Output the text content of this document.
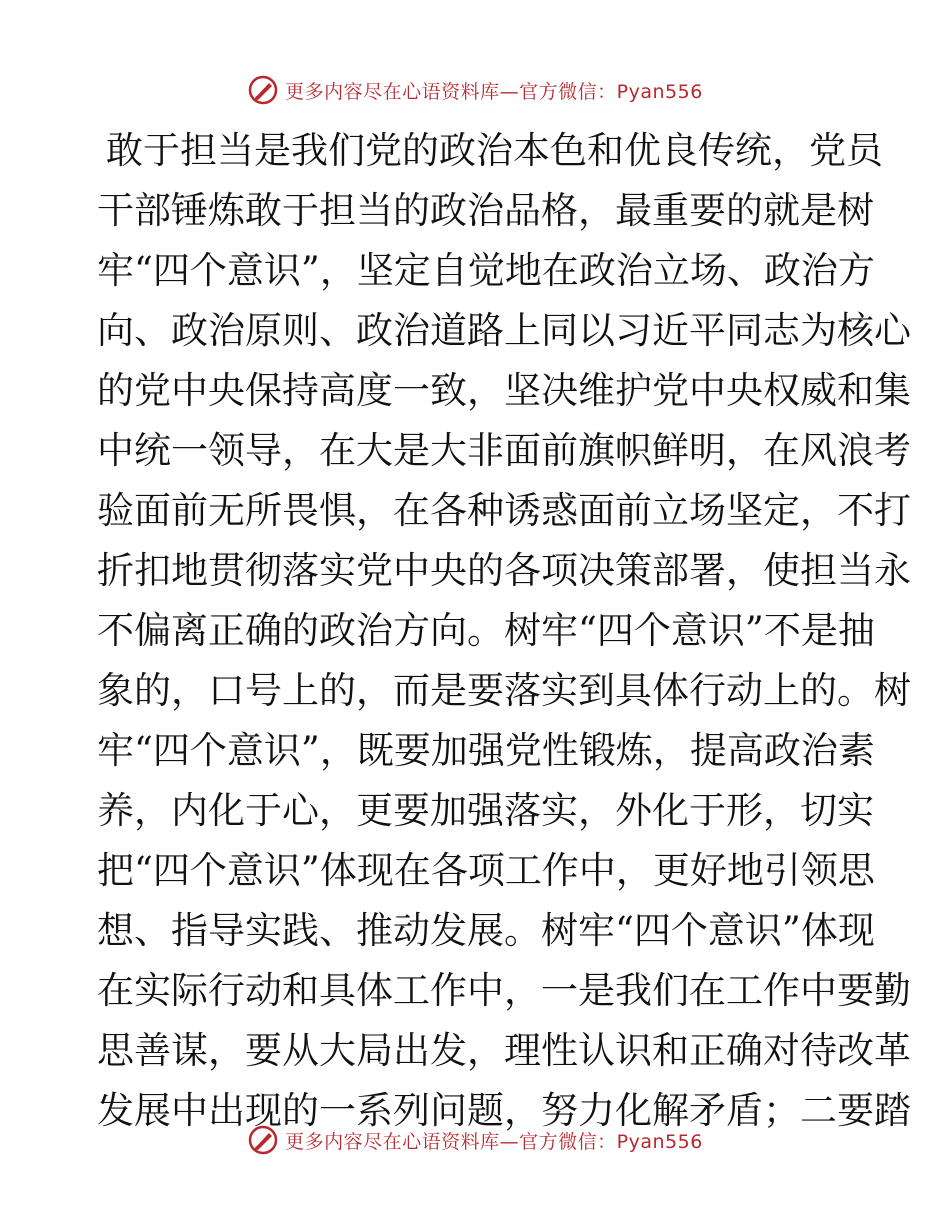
更多内容尽在心语资料库—官方微信：Pyan556
敢于担当是我们党的政治本色和优良传统，党员
干部锤炼敢于担当的政治品格，最重要的就是树
牢“四个意识”，坚定自觉地在政治立场、政治方
向、政治原则、政治道路上同以习近平同志为核心
的党中央保持高度一致，坚决维护党中央权威和集
中统一领导，在大是大非面前旗帜鲜明，在风浪考
验面前无所畏惧，在各种诱惑面前立场坚定，不打
折扣地贯彻落实党中央的各项决策部署，使担当永
不偏离正确的政治方向。树牢“四个意识”不是抽
象的，口号上的，而是要落实到具体行动上的。树
牢“四个意识”，既要加强党性锻炼，提高政治素
养，内化于心，更要加强落实，外化于形，切实
把“四个意识”体现在各项工作中，更好地引领思
想、指导实践、推动发展。树牢“四个意识”体现
在实际行动和具体工作中，一是我们在工作中要勤
思善谋，要从大局出发，理性认识和正确对待改革
发展中出现的一系列问题，努力化解矛盾；二要踏
更多内容尽在心语资料库—官方微信：Pyan556
